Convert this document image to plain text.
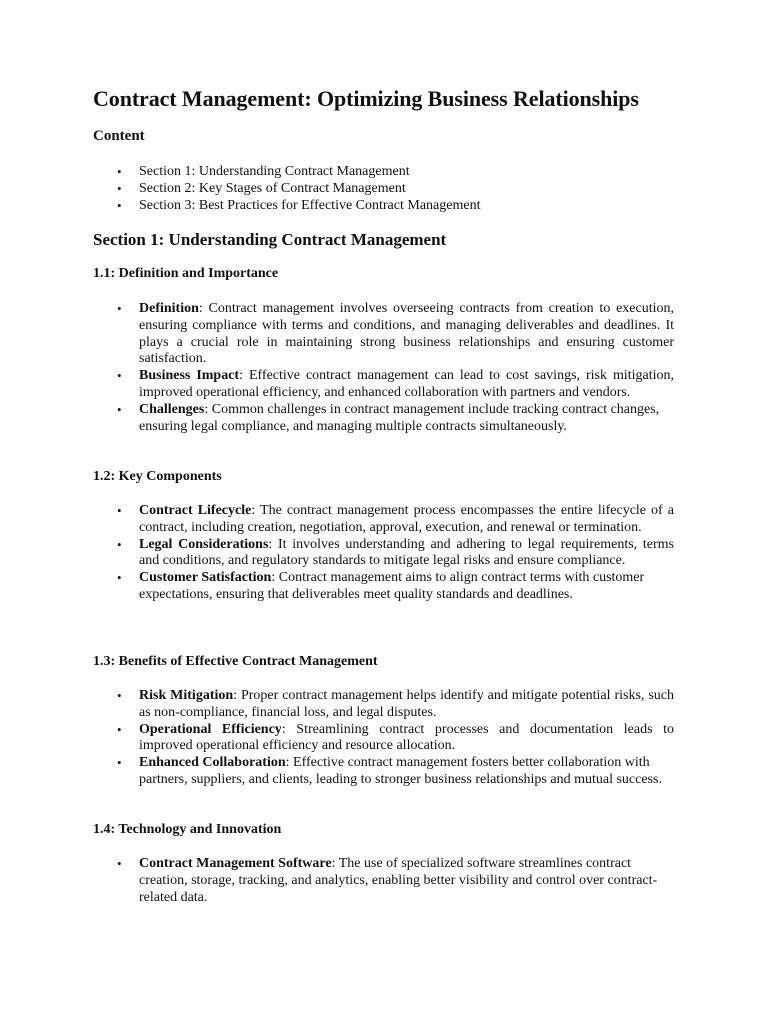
Contract Management: Optimizing Business Relationships
Content
• Section 1: Understanding Contract Management
• Section 2: Key Stages of Contract Management
• Section 3: Best Practices for Effective Contract Management
Section 1: Understanding Contract Management
1.1: Definition and Importance
• Definition: Contract management involves overseeing contracts from creation to execution, ensuring compliance with terms and conditions, and managing deliverables and deadlines. It plays a crucial role in maintaining strong business relationships and ensuring customer satisfaction.
• Business Impact: Effective contract management can lead to cost savings, risk mitigation, improved operational efficiency, and enhanced collaboration with partners and vendors.
• Challenges: Common challenges in contract management include tracking contract changes, ensuring legal compliance, and managing multiple contracts simultaneously.
1.2: Key Components
• Contract Lifecycle: The contract management process encompasses the entire lifecycle of a contract, including creation, negotiation, approval, execution, and renewal or termination.
• Legal Considerations: It involves understanding and adhering to legal requirements, terms and conditions, and regulatory standards to mitigate legal risks and ensure compliance.
• Customer Satisfaction: Contract management aims to align contract terms with customer expectations, ensuring that deliverables meet quality standards and deadlines.
1.3: Benefits of Effective Contract Management
• Risk Mitigation: Proper contract management helps identify and mitigate potential risks, such as non-compliance, financial loss, and legal disputes.
• Operational Efficiency: Streamlining contract processes and documentation leads to improved operational efficiency and resource allocation.
• Enhanced Collaboration: Effective contract management fosters better collaboration with partners, suppliers, and clients, leading to stronger business relationships and mutual success.
1.4: Technology and Innovation
• Contract Management Software: The use of specialized software streamlines contract creation, storage, tracking, and analytics, enabling better visibility and control over contract-related data.
